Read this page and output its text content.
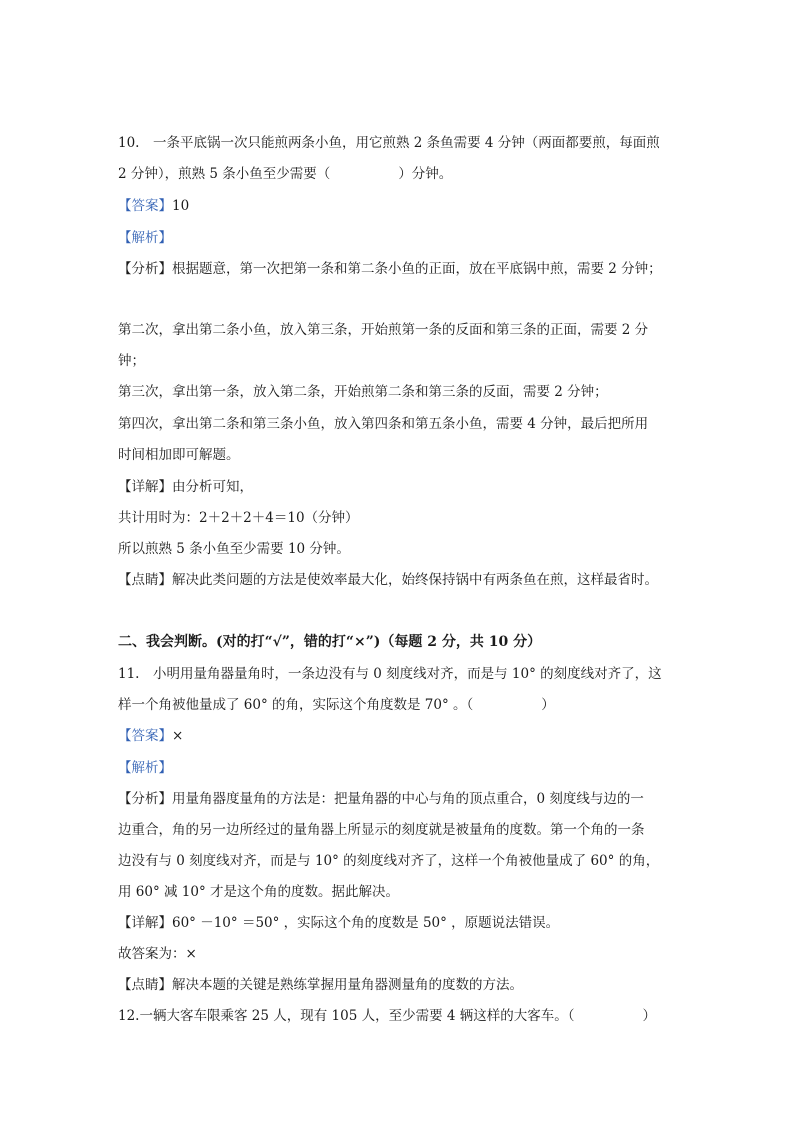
10.　一条平底锅一次只能煎两条小鱼，用它煎熟 2 条鱼需要 4 分钟（两面都要煎，每面煎
2 分钟），煎熟 5 条小鱼至少需要（	）分钟。
【答案】10
【解析】
【分析】根据题意，第一次把第一条和第二条小鱼的正面，放在平底锅中煎，需要 2 分钟；
第二次，拿出第二条小鱼，放入第三条，开始煎第一条的反面和第三条的正面，需要 2 分
钟；
第三次，拿出第一条，放入第二条，开始煎第二条和第三条的反面，需要 2 分钟；
第四次，拿出第二条和第三条小鱼，放入第四条和第五条小鱼，需要 4 分钟，最后把所用
时间相加即可解题。
【详解】由分析可知，
共计用时为：2＋2＋2＋4＝10（分钟）
所以煎熟 5 条小鱼至少需要 10 分钟。
【点睛】解决此类问题的方法是使效率最大化，始终保持锅中有两条鱼在煎，这样最省时。
二、我会判断。(对的打“√”，错的打“×”)（每题 2 分，共 10 分）
11.　小明用量角器量角时，一条边没有与 0 刻度线对齐，而是与 10° 的刻度线对齐了，这
样一个角被他量成了 60° 的角，实际这个角度数是 70° 。（	）
【答案】×
【解析】
【分析】用量角器度量角的方法是：把量角器的中心与角的顶点重合，0 刻度线与边的一
边重合，角的另一边所经过的量角器上所显示的刻度就是被量角的度数。第一个角的一条
边没有与 0 刻度线对齐，而是与 10° 的刻度线对齐了，这样一个角被他量成了 60° 的角，
用 60° 减 10° 才是这个角的度数。据此解决。
【详解】60° －10° ＝50° ，实际这个角的度数是 50° ，原题说法错误。
故答案为：×
【点睛】解决本题的关键是熟练掌握用量角器测量角的度数的方法。
12.一辆大客车限乘客 25 人，现有 105 人，至少需要 4 辆这样的大客车。（	）
